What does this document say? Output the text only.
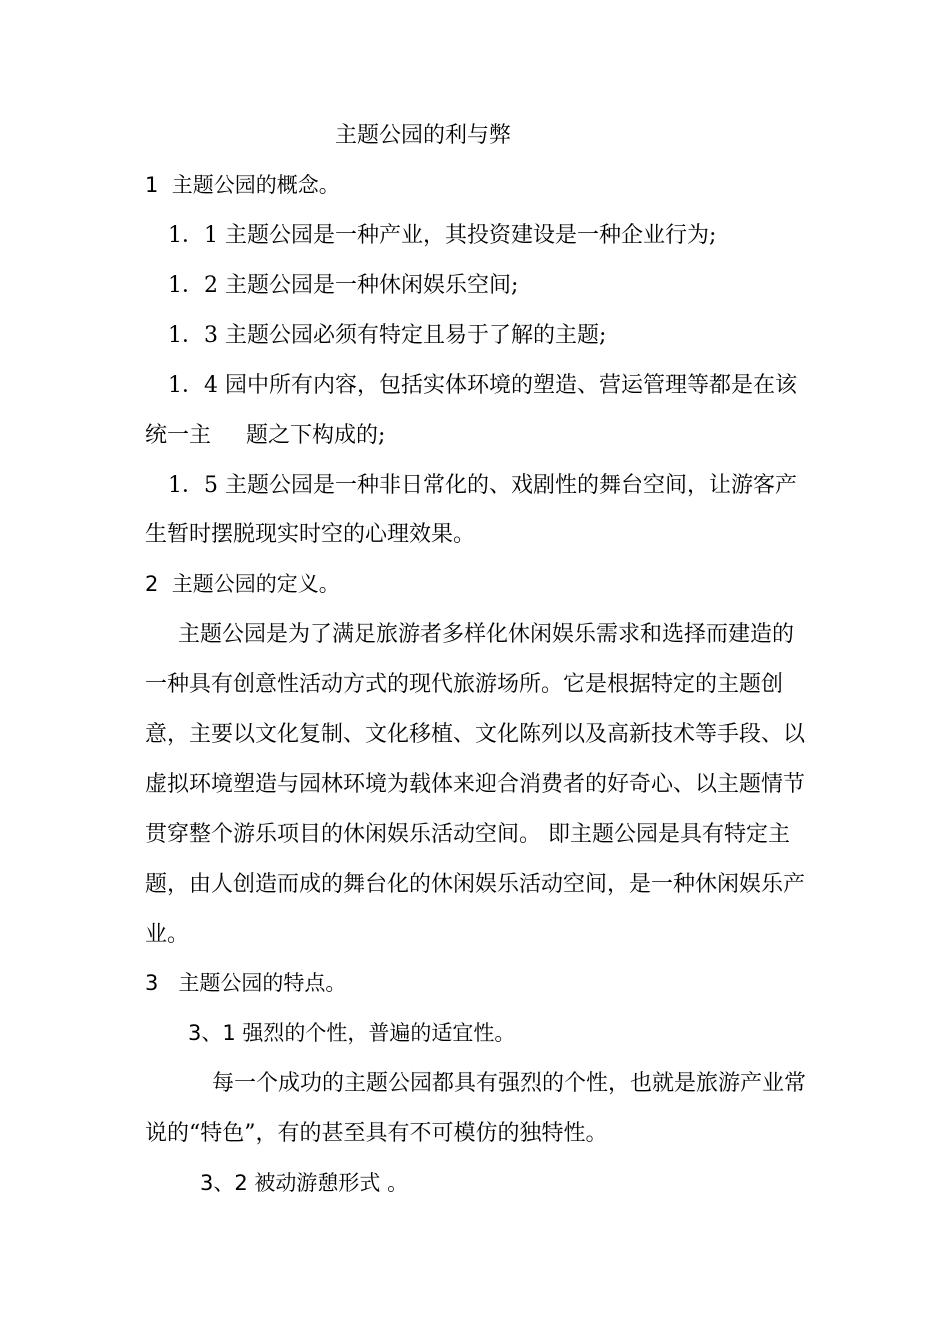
主题公园的利与弊
1  主题公园的概念。
1．1 主题公园是一种产业，其投资建设是一种企业行为;
1．2 主题公园是一种休闲娱乐空间;
1．3 主题公园必须有特定且易于了解的主题;
1．4 园中所有内容，包括实体环境的塑造、营运管理等都是在该
统一主     题之下构成的;
1．5 主题公园是一种非日常化的、戏剧性的舞台空间，让游客产
生暂时摆脱现实时空的心理效果。
2  主题公园的定义。
主题公园是为了满足旅游者多样化休闲娱乐需求和选择而建造的
一种具有创意性活动方式的现代旅游场所。它是根据特定的主题创
意，主要以文化复制、文化移植、文化陈列以及高新技术等手段、以
虚拟环境塑造与园林环境为载体来迎合消费者的好奇心、以主题情节
贯穿整个游乐项目的休闲娱乐活动空间。 即主题公园是具有特定主
题，由人创造而成的舞台化的休闲娱乐活动空间，是一种休闲娱乐产
业。
3   主题公园的特点。
3、1 强烈的个性，普遍的适宜性。
每一个成功的主题公园都具有强烈的个性，也就是旅游产业常
说的“特色”，有的甚至具有不可模仿的独特性。
3、2 被动游憩形式 。
